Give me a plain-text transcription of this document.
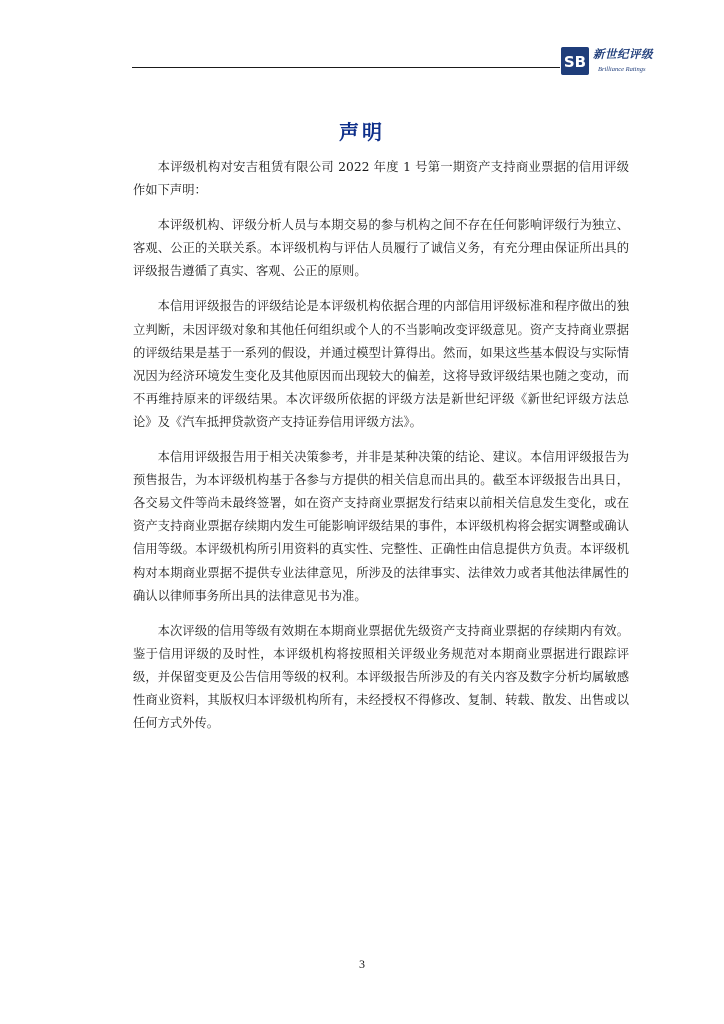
SB 新世纪评级
Brilliance Ratings
声明

本评级机构对安吉租赁有限公司 2022 年度 1 号第一期资产支持商业票据的信用评级作如下声明：

本评级机构、评级分析人员与本期交易的参与机构之间不存在任何影响评级行为独立、客观、公正的关联关系。本评级机构与评估人员履行了诚信义务，有充分理由保证所出具的评级报告遵循了真实、客观、公正的原则。

本信用评级报告的评级结论是本评级机构依据合理的内部信用评级标准和程序做出的独立判断，未因评级对象和其他任何组织或个人的不当影响改变评级意见。资产支持商业票据的评级结果是基于一系列的假设，并通过模型计算得出。然而，如果这些基本假设与实际情况因为经济环境发生变化及其他原因而出现较大的偏差，这将导致评级结果也随之变动，而不再维持原来的评级结果。本次评级所依据的评级方法是新世纪评级《新世纪评级方法总论》及《汽车抵押贷款资产支持证券信用评级方法》。

本信用评级报告用于相关决策参考，并非是某种决策的结论、建议。本信用评级报告为预售报告，为本评级机构基于各参与方提供的相关信息而出具的。截至本评级报告出具日，各交易文件等尚未最终签署，如在资产支持商业票据发行结束以前相关信息发生变化，或在资产支持商业票据存续期内发生可能影响评级结果的事件，本评级机构将会据实调整或确认信用等级。本评级机构所引用资料的真实性、完整性、正确性由信息提供方负责。本评级机构对本期商业票据不提供专业法律意见，所涉及的法律事实、法律效力或者其他法律属性的确认以律师事务所出具的法律意见书为准。

本次评级的信用等级有效期在本期商业票据优先级资产支持商业票据的存续期内有效。鉴于信用评级的及时性，本评级机构将按照相关评级业务规范对本期商业票据进行跟踪评级，并保留变更及公告信用等级的权利。本评级报告所涉及的有关内容及数字分析均属敏感性商业资料，其版权归本评级机构所有，未经授权不得修改、复制、转载、散发、出售或以任何方式外传。

3
